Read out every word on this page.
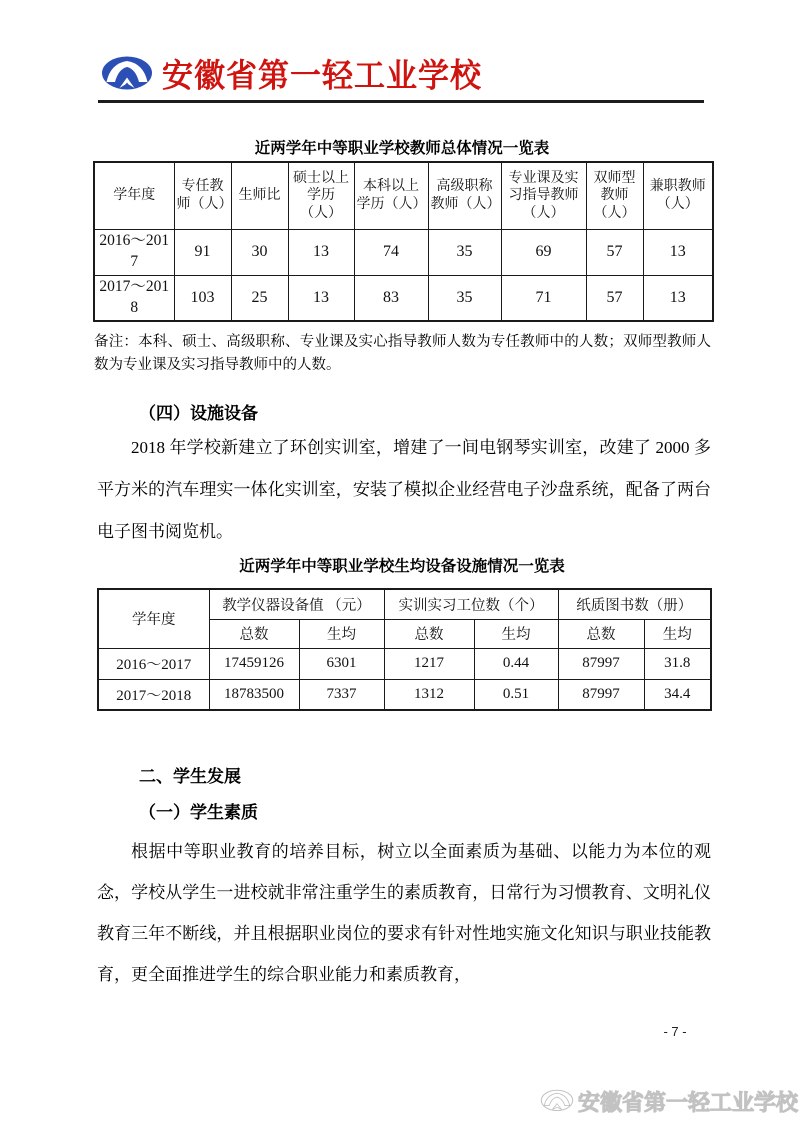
安徽省第一轻工业学校
近两学年中等职业学校教师总体情况一览表
学年度	专任教师（人）	生师比	硕士以上学历（人）	本科以上学历（人）	高级职称教师（人）	专业课及实习指导教师（人）	双师型教师（人）	兼职教师（人）
2016～2017	91	30	13	74	35	69	57	13
2017～2018	103	25	13	83	35	71	57	13

备注：本科、硕士、高级职称、专业课及实心指导教师人数为专任教师中的人数；双师型教师人数为专业课及实习指导教师中的人数。

（四）设施设备

2018 年学校新建立了环创实训室，增建了一间电钢琴实训室，改建了 2000 多平方米的汽车理实一体化实训室，安装了模拟企业经营电子沙盘系统，配备了两台电子图书阅览机。

近两学年中等职业学校生均设备设施情况一览表
学年度	教学仪器设备值 （元）		实训实习工位数（个）		纸质图书数（册）	
	总数	生均	总数	生均	总数	生均
2016～2017	17459126	6301	1217	0.44	87997	31.8
2017～2018	18783500	7337	1312	0.51	87997	34.4
二、学生发展
（一）学生素质

根据中等职业教育的培养目标，树立以全面素质为基础、以能力为本位的观念，学校从学生一进校就非常注重学生的素质教育，日常行为习惯教育、文明礼仪教育三年不断线，并且根据职业岗位的要求有针对性地实施文化知识与职业技能教育，更全面推进学生的综合职业能力和素质教育，

- 7 -
安徽省第一轻工业学校
